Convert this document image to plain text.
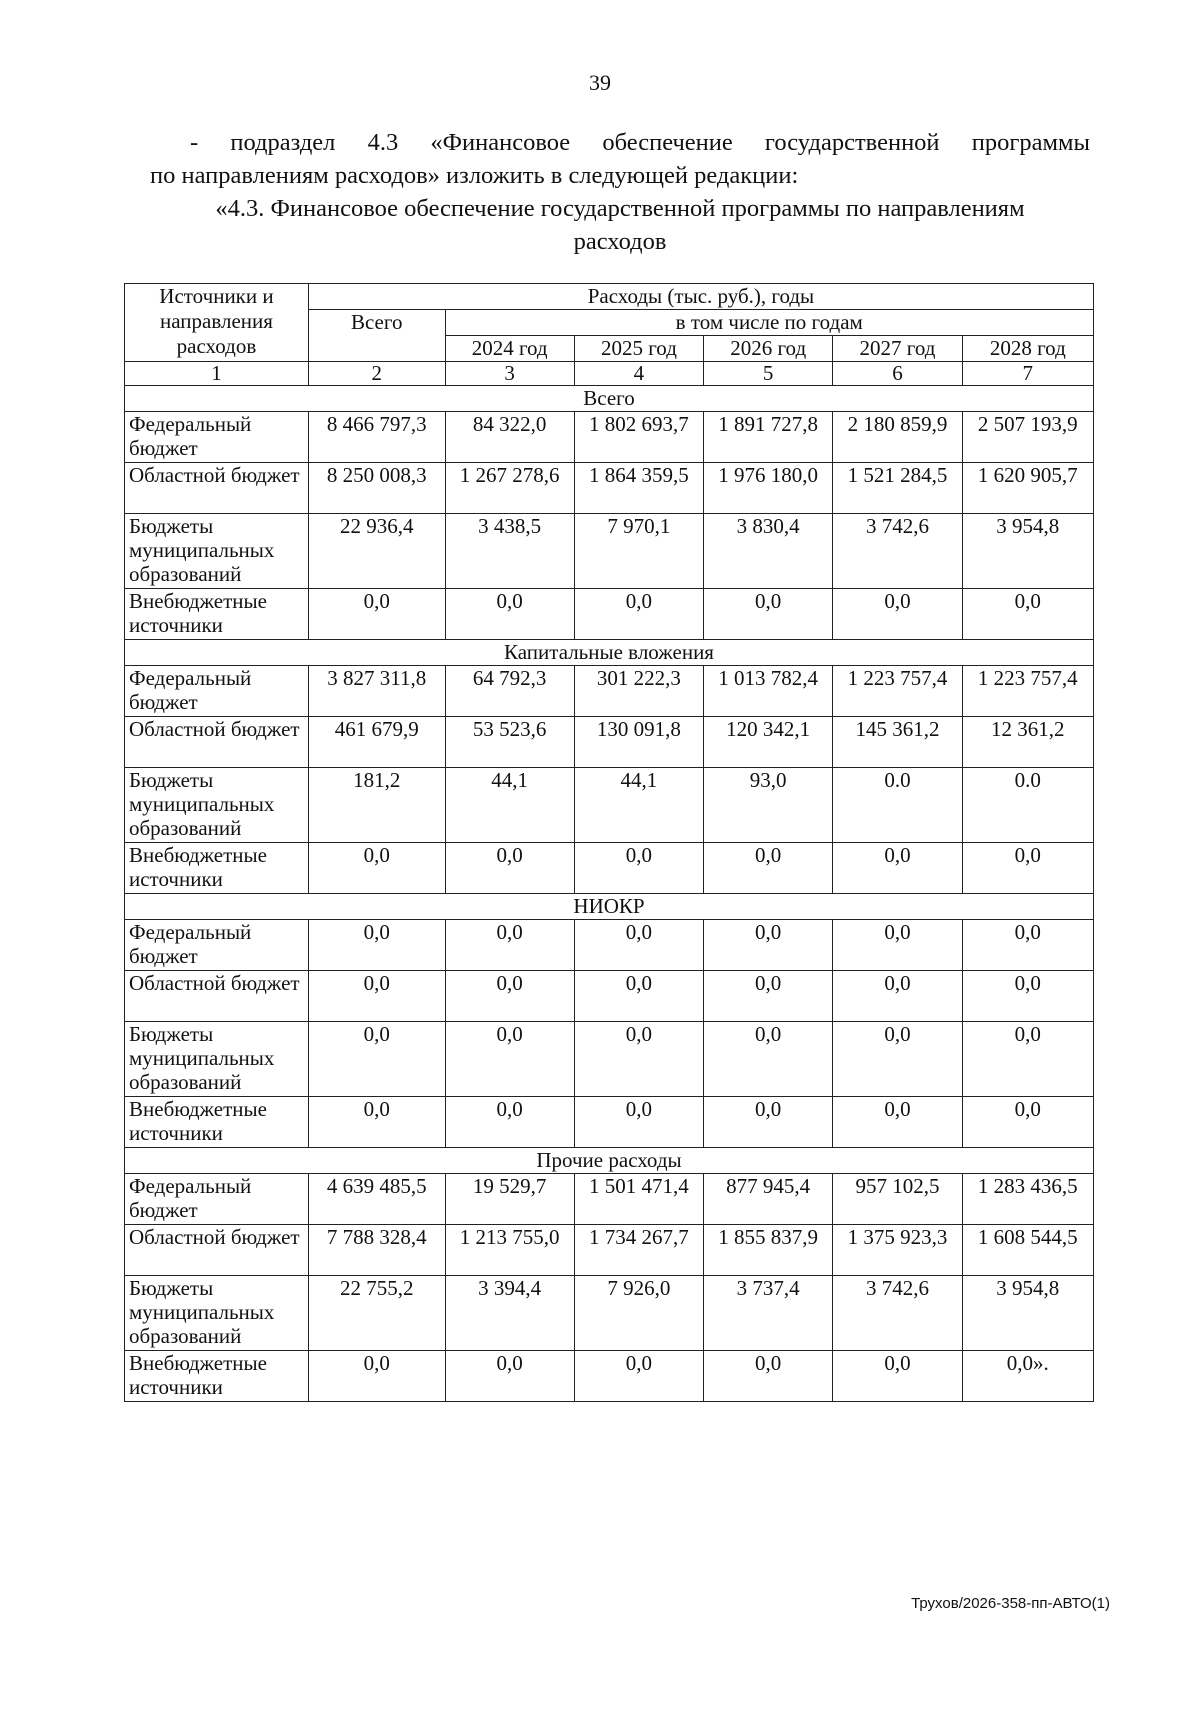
39
- подраздел 4.3 «Финансовое обеспечение государственной программы
по направлениям расходов» изложить в следующей редакции:
«4.3. Финансовое обеспечение государственной программы по направлениям
расходов
Источники и направления расходов	Расходы (тыс. руб.), годы					
	Всего	в том числе по годам				
		2024 год	2025 год	2026 год	2027 год	2028 год
1	2	3	4	5	6	7
Всего						
Федеральный бюджет	8 466 797,3	84 322,0	1 802 693,7	1 891 727,8	2 180 859,9	2 507 193,9
Областной бюджет	8 250 008,3	1 267 278,6	1 864 359,5	1 976 180,0	1 521 284,5	1 620 905,7
Бюджеты муниципальных образований	22 936,4	3 438,5	7 970,1	3 830,4	3 742,6	3 954,8
Внебюджетные источники	0,0	0,0	0,0	0,0	0,0	0,0
Капитальные вложения						
Федеральный бюджет	3 827 311,8	64 792,3	301 222,3	1 013 782,4	1 223 757,4	1 223 757,4
Областной бюджет	461 679,9	53 523,6	130 091,8	120 342,1	145 361,2	12 361,2
Бюджеты муниципальных образований	181,2	44,1	44,1	93,0	0.0	0.0
Внебюджетные источники	0,0	0,0	0,0	0,0	0,0	0,0
НИОКР						
Федеральный бюджет	0,0	0,0	0,0	0,0	0,0	0,0
Областной бюджет	0,0	0,0	0,0	0,0	0,0	0,0
Бюджеты муниципальных образований	0,0	0,0	0,0	0,0	0,0	0,0
Внебюджетные источники	0,0	0,0	0,0	0,0	0,0	0,0
Прочие расходы						
Федеральный бюджет	4 639 485,5	19 529,7	1 501 471,4	877 945,4	957 102,5	1 283 436,5
Областной бюджет	7 788 328,4	1 213 755,0	1 734 267,7	1 855 837,9	1 375 923,3	1 608 544,5
Бюджеты муниципальных образований	22 755,2	3 394,4	7 926,0	3 737,4	3 742,6	3 954,8
Внебюджетные источники	0,0	0,0	0,0	0,0	0,0	0,0».
Трухов/2026-358-пп-АВТО(1)
